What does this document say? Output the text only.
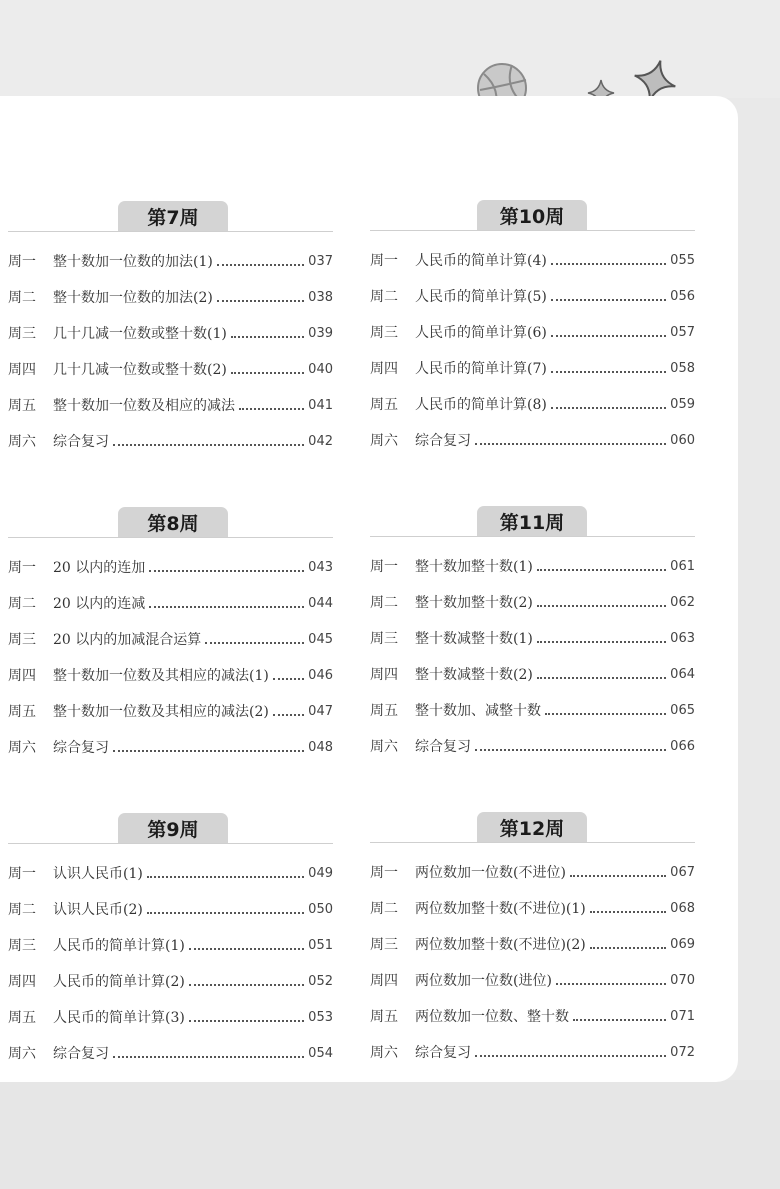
第7周
周一	整十数加一位数的加法(1)	037
周二	整十数加一位数的加法(2)	038
周三	几十几减一位数或整十数(1)	039
周四	几十几减一位数或整十数(2)	040
周五	整十数加一位数及相应的减法	041
周六	综合复习	042
第8周
周一	20 以内的连加	043
周二	20 以内的连减	044
周三	20 以内的加减混合运算	045
周四	整十数加一位数及其相应的减法(1)	046
周五	整十数加一位数及其相应的减法(2)	047
周六	综合复习	048
第9周
周一	认识人民币(1)	049
周二	认识人民币(2)	050
周三	人民币的简单计算(1)	051
周四	人民币的简单计算(2)	052
周五	人民币的简单计算(3)	053
周六	综合复习	054
第10周
周一	人民币的简单计算(4)	055
周二	人民币的简单计算(5)	056
周三	人民币的简单计算(6)	057
周四	人民币的简单计算(7)	058
周五	人民币的简单计算(8)	059
周六	综合复习	060
第11周
周一	整十数加整十数(1)	061
周二	整十数加整十数(2)	062
周三	整十数减整十数(1)	063
周四	整十数减整十数(2)	064
周五	整十数加、减整十数	065
周六	综合复习	066
第12周
周一	两位数加一位数(不进位)	067
周二	两位数加整十数(不进位)(1)	068
周三	两位数加整十数(不进位)(2)	069
周四	两位数加一位数(进位)	070
周五	两位数加一位数、整十数	071
周六	综合复习	072
